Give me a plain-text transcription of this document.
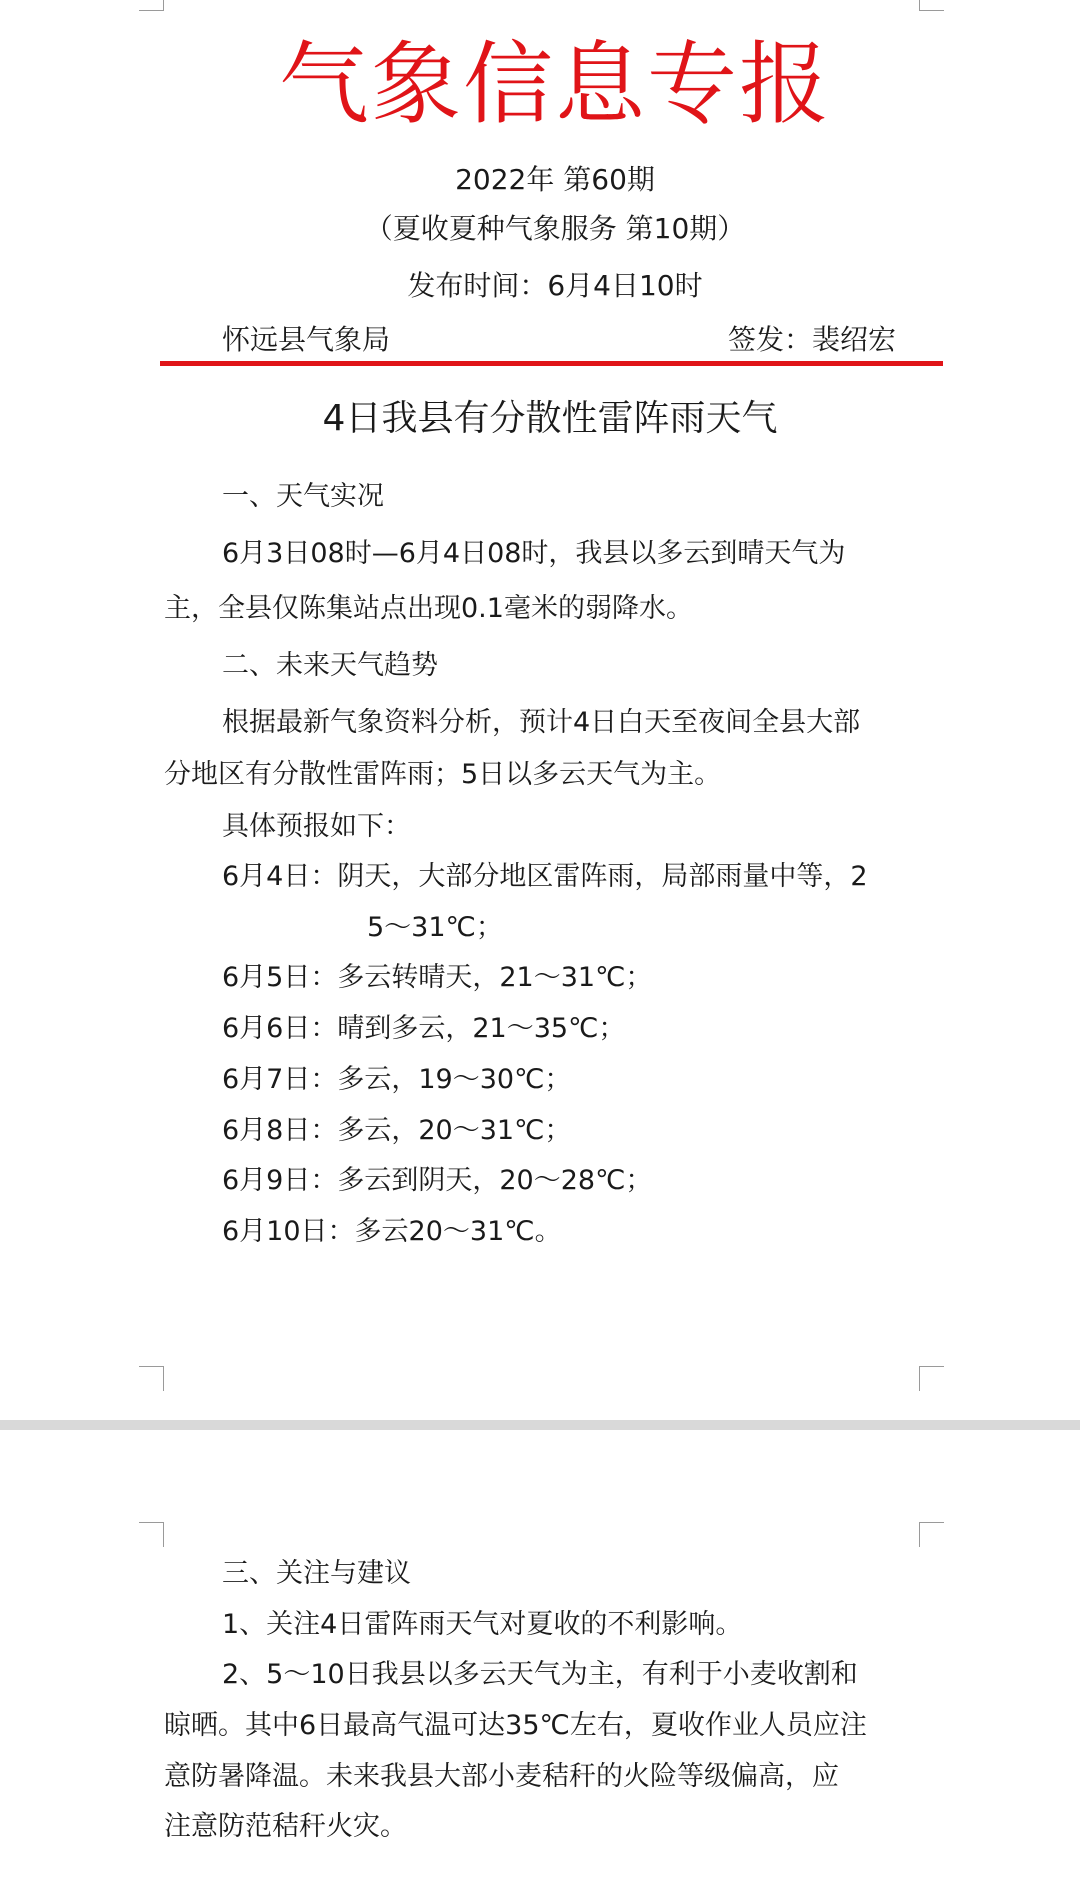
气象信息专报
2022年 第60期
（夏收夏种气象服务 第10期）
发布时间：6月4日10时
怀远县气象局	签发：裴绍宏
4日我县有分散性雷阵雨天气
一、天气实况
6月3日08时—6月4日08时，我县以多云到晴天气为
主，全县仅陈集站点出现0.1毫米的弱降水。
二、未来天气趋势
根据最新气象资料分析，预计4日白天至夜间全县大部
分地区有分散性雷阵雨；5日以多云天气为主。
具体预报如下：
6月4日：阴天，大部分地区雷阵雨，局部雨量中等，2
5～31℃；
6月5日：多云转晴天，21～31℃；
6月6日：晴到多云，21～35℃；
6月7日：多云，19～30℃；
6月8日：多云，20～31℃；
6月9日：多云到阴天，20～28℃；
6月10日：多云20～31℃。
三、关注与建议
1、关注4日雷阵雨天气对夏收的不利影响。
2、5～10日我县以多云天气为主，有利于小麦收割和
晾晒。其中6日最高气温可达35℃左右，夏收作业人员应注
意防暑降温。未来我县大部小麦秸秆的火险等级偏高，应
注意防范秸秆火灾。
